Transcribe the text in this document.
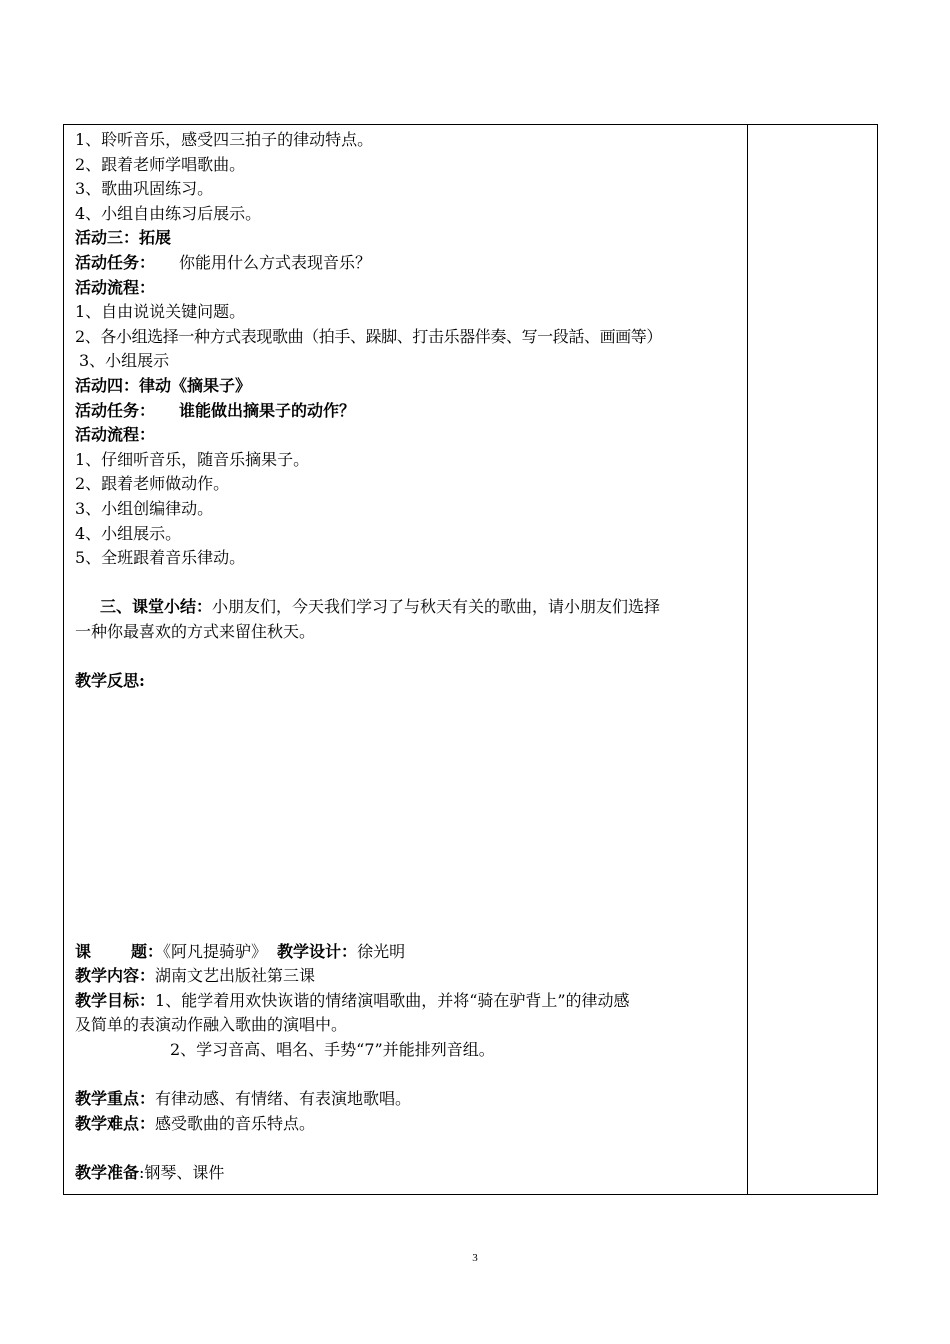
1、聆听音乐，感受四三拍子的律动特点。
2、跟着老师学唱歌曲。
3、歌曲巩固练习。
4、小组自由练习后展示。
活动三：拓展
活动任务： 你能用什么方式表现音乐？
活动流程：
1、自由说说关键问题。
2、各小组选择一种方式表现歌曲（拍手、跺脚、打击乐器伴奏、写一段話、画画等）
3、小组展示
活动四：律动《摘果子》
活动任务： 谁能做出摘果子的动作？
活动流程：
1、仔细听音乐，随音乐摘果子。
2、跟着老师做动作。
3、小组创编律动。
4、小组展示。
5、全班跟着音乐律动。
三、课堂小结：小朋友们，今天我们学习了与秋天有关的歌曲，请小朋友们选择
一种你最喜欢的方式来留住秋天。
教学反思:
课	题：《阿凡提骑驴》 教学设计：徐光明
教学内容：湖南文艺出版社第三课
教学目标：1、能学着用欢快诙谐的情绪演唱歌曲，并将“骑在驴背上”的律动感
及简单的表演动作融入歌曲的演唱中。
2、学习音高、唱名、手势“7”并能排列音组。
教学重点：有律动感、有情绪、有表演地歌唱。
教学难点：感受歌曲的音乐特点。
教学准备:钢琴、课件
3
